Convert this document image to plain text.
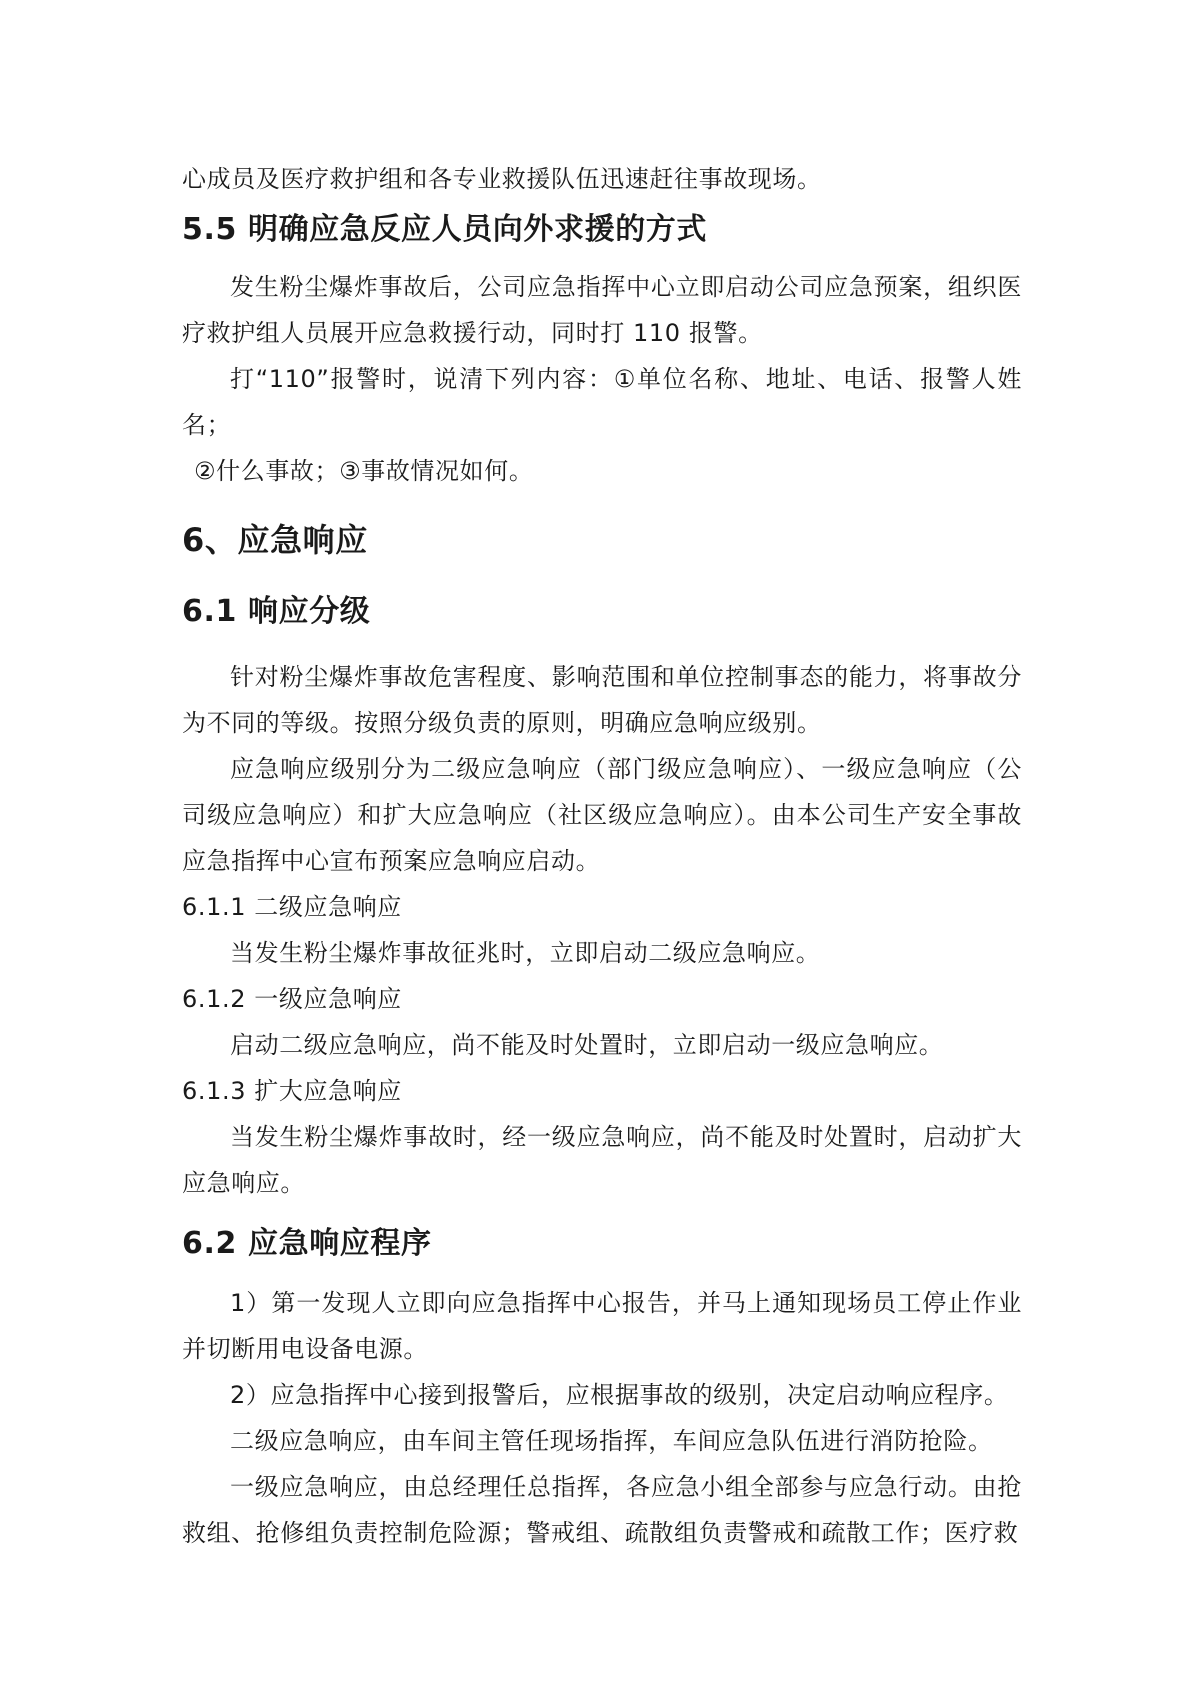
心成员及医疗救护组和各专业救援队伍迅速赶往事故现场。

5.5 明确应急反应人员向外求援的方式

发生粉尘爆炸事故后，公司应急指挥中心立即启动公司应急预案，组织医疗救护组人员展开应急救援行动，同时打 110 报警。

打“110”报警时，说清下列内容：①单位名称、地址、电话、报警人姓名；

②什么事故；③事故情况如何。

6、应急响应
6.1 响应分级

针对粉尘爆炸事故危害程度、影响范围和单位控制事态的能力，将事故分为不同的等级。按照分级负责的原则，明确应急响应级别。

应急响应级别分为二级应急响应（部门级应急响应）、一级应急响应（公司级应急响应）和扩大应急响应（社区级应急响应）。由本公司生产安全事故应急指挥中心宣布预案应急响应启动。

6.1.1 二级应急响应

当发生粉尘爆炸事故征兆时，立即启动二级应急响应。

6.1.2 一级应急响应

启动二级应急响应，尚不能及时处置时，立即启动一级应急响应。

6.1.3 扩大应急响应

当发生粉尘爆炸事故时，经一级应急响应，尚不能及时处置时，启动扩大应急响应。

6.2 应急响应程序

1）第一发现人立即向应急指挥中心报告，并马上通知现场员工停止作业并切断用电设备电源。

2）应急指挥中心接到报警后，应根据事故的级别，决定启动响应程序。

二级应急响应，由车间主管任现场指挥，车间应急队伍进行消防抢险。

一级应急响应，由总经理任总指挥，各应急小组全部参与应急行动。由抢救组、抢修组负责控制危险源；警戒组、疏散组负责警戒和疏散工作；医疗救
